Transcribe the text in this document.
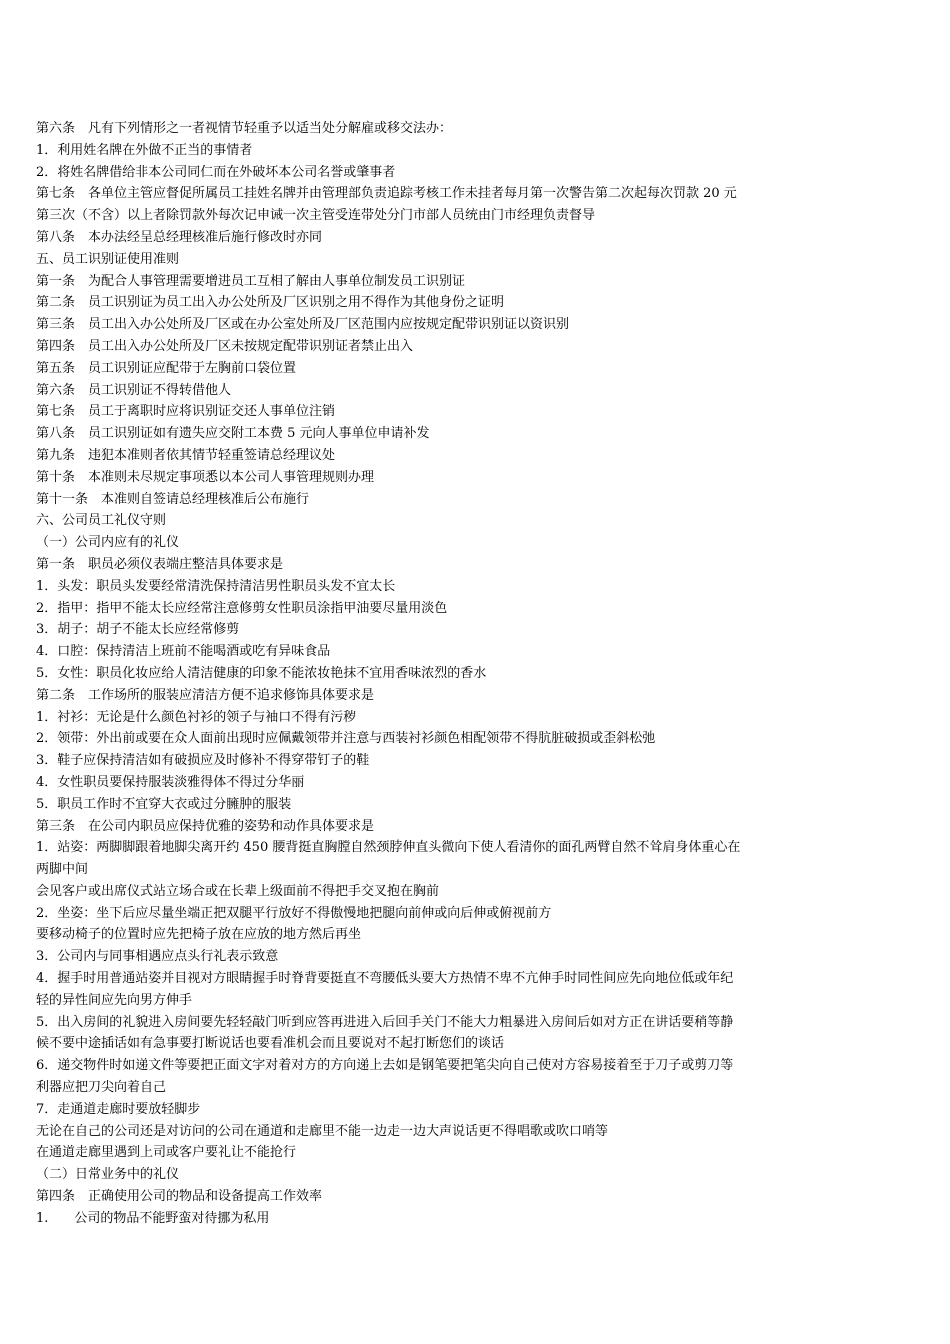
第六条　凡有下列情形之一者视情节轻重予以适当处分解雇或移交法办：
1．利用姓名牌在外做不正当的事情者
2．将姓名牌借给非本公司同仁而在外破坏本公司名誉或肇事者
第七条　各单位主管应督促所属员工挂姓名牌并由管理部负责追踪考核工作未挂者每月第一次警告第二次起每次罚款 20 元
第三次（不含）以上者除罚款外每次记申诫一次主管受连带处分门市部人员统由门市经理负责督导
第八条　本办法经呈总经理核准后施行修改时亦同
五、员工识别证使用准则
第一条　为配合人事管理需要增进员工互相了解由人事单位制发员工识别证
第二条　员工识别证为员工出入办公处所及厂区识别之用不得作为其他身份之证明
第三条　员工出入办公处所及厂区或在办公室处所及厂区范围内应按规定配带识别证以资识别
第四条　员工出入办公处所及厂区未按规定配带识别证者禁止出入
第五条　员工识别证应配带于左胸前口袋位置
第六条　员工识别证不得转借他人
第七条　员工于离职时应将识别证交还人事单位注销
第八条　员工识别证如有遗失应交附工本费 5 元向人事单位申请补发
第九条　违犯本准则者依其情节轻重签请总经理议处
第十条　本准则未尽规定事项悉以本公司人事管理规则办理
第十一条　本准则自签请总经理核准后公布施行
六、公司员工礼仪守则
（一）公司内应有的礼仪
第一条　职员必须仪表端庄整洁具体要求是
1．头发：职员头发要经常清洗保持清洁男性职员头发不宜太长
2．指甲：指甲不能太长应经常注意修剪女性职员涂指甲油要尽量用淡色
3．胡子：胡子不能太长应经常修剪
4．口腔：保持清洁上班前不能喝酒或吃有异味食品
5．女性：职员化妆应给人清洁健康的印象不能浓妆艳抹不宜用香味浓烈的香水
第二条　工作场所的服装应清洁方便不追求修饰具体要求是
1．衬衫：无论是什么颜色衬衫的领子与袖口不得有污秽
2．领带：外出前或要在众人面前出现时应佩戴领带并注意与西装衬衫颜色相配领带不得肮脏破损或歪斜松弛
3．鞋子应保持清洁如有破损应及时修补不得穿带钉子的鞋
4．女性职员要保持服装淡雅得体不得过分华丽
5．职员工作时不宜穿大衣或过分臃肿的服装
第三条　在公司内职员应保持优雅的姿势和动作具体要求是
1．站姿：两脚脚跟着地脚尖离开约 450 腰背挺直胸膛自然颈脖伸直头微向下使人看清你的面孔两臂自然不耸肩身体重心在
两脚中间
会见客户或出席仪式站立场合或在长辈上级面前不得把手交叉抱在胸前
2．坐姿：坐下后应尽量坐端正把双腿平行放好不得傲慢地把腿向前伸或向后伸或俯视前方
要移动椅子的位置时应先把椅子放在应放的地方然后再坐
3．公司内与同事相遇应点头行礼表示致意
4．握手时用普通站姿并目视对方眼睛握手时脊背要挺直不弯腰低头要大方热情不卑不亢伸手时同性间应先向地位低或年纪
轻的异性间应先向男方伸手
5．出入房间的礼貌进入房间要先轻轻敲门听到应答再进进入后回手关门不能大力粗暴进入房间后如对方正在讲话要稍等静
候不要中途插话如有急事要打断说话也要看准机会而且要说对不起打断您们的谈话
6．递交物件时如递文件等要把正面文字对着对方的方向递上去如是钢笔要把笔尖向自己使对方容易接着至于刀子或剪刀等
利器应把刀尖向着自己
7．走通道走廊时要放轻脚步
无论在自己的公司还是对访问的公司在通道和走廊里不能一边走一边大声说话更不得唱歌或吹口哨等
在通道走廊里遇到上司或客户要礼让不能抢行
（二）日常业务中的礼仪
第四条　正确使用公司的物品和设备提高工作效率
1.　　公司的物品不能野蛮对待挪为私用
